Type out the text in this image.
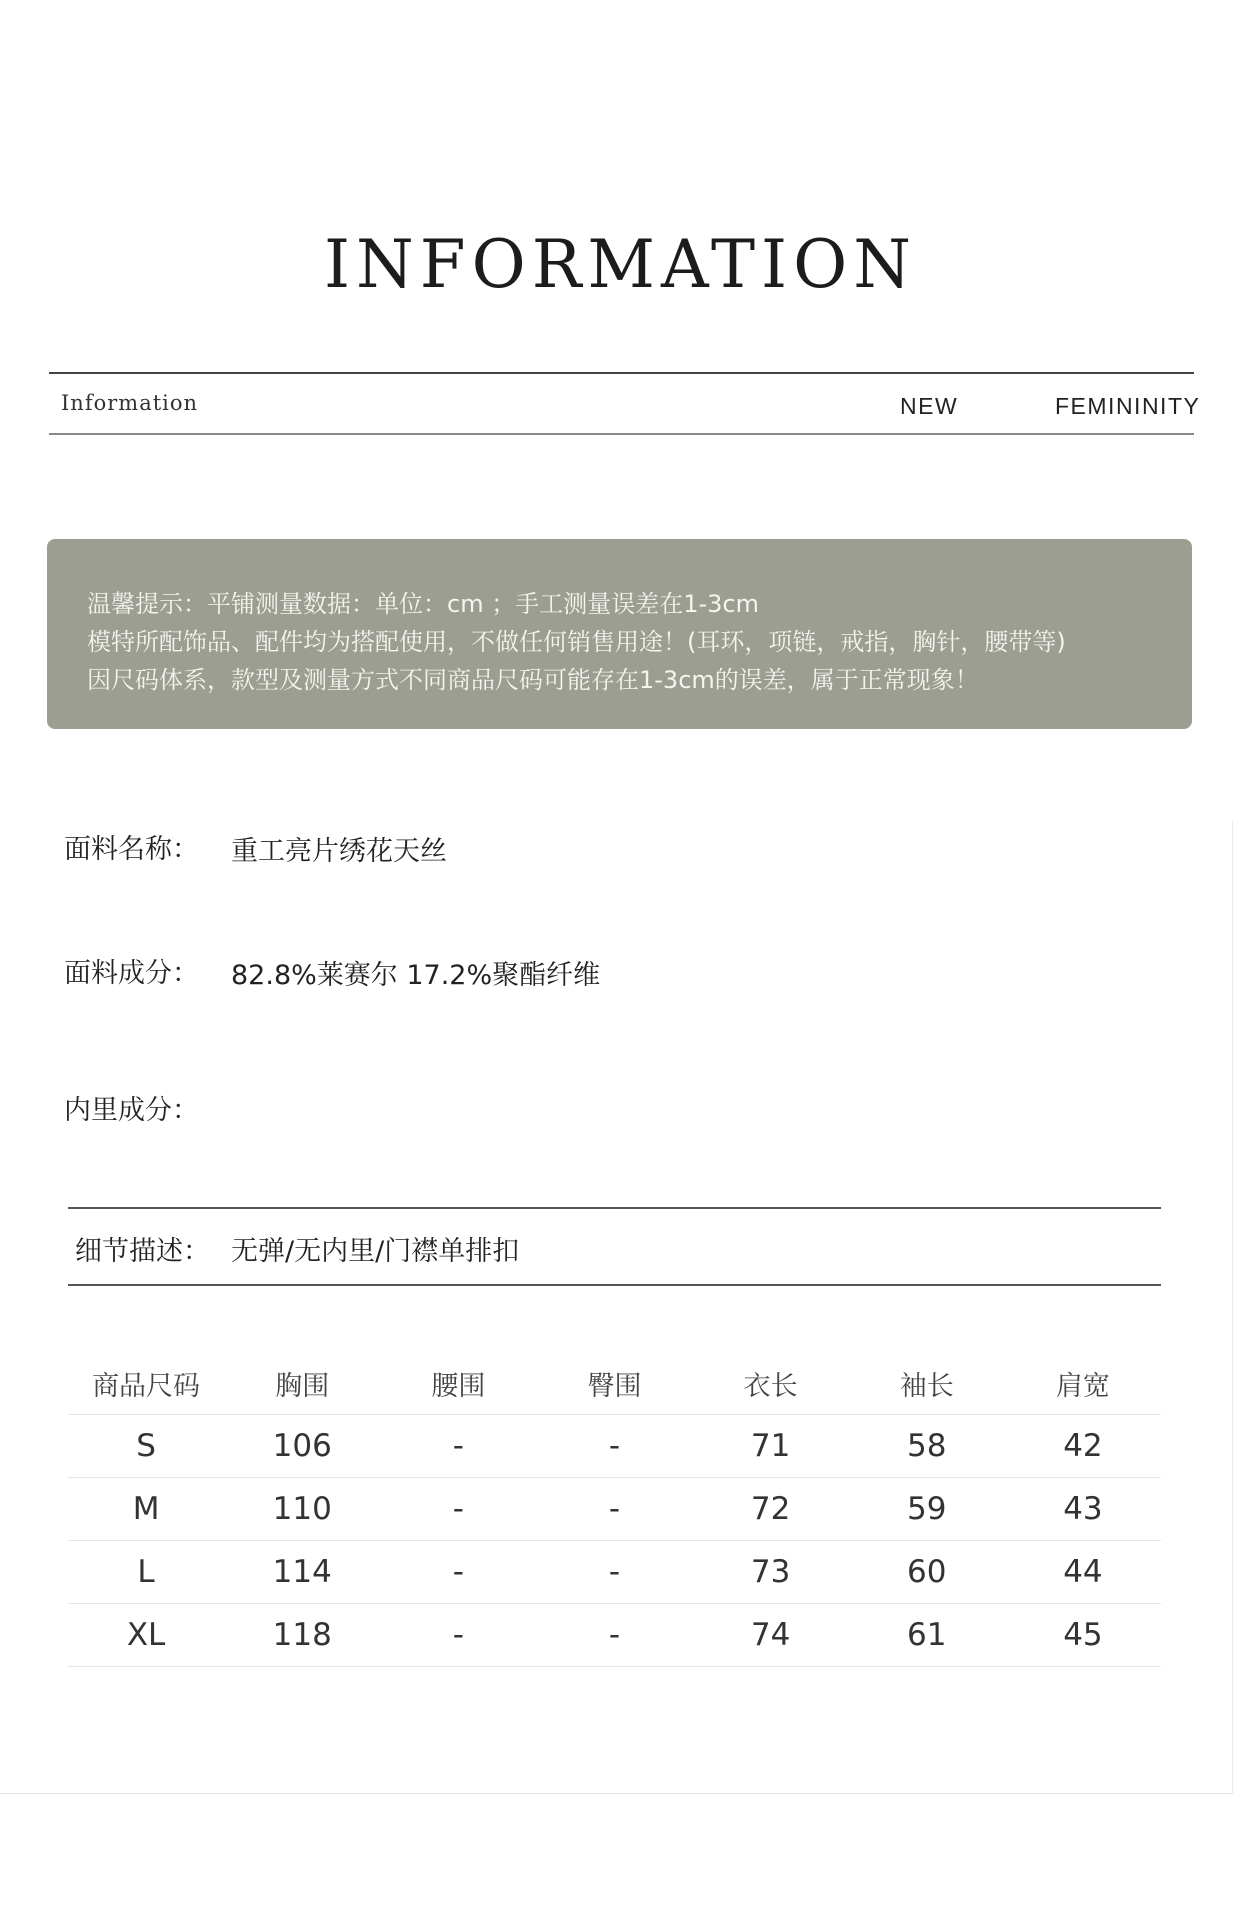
INFORMATION
Information	NEW	FEMININITY
温馨提示：平铺测量数据：单位：cm ；手工测量误差在1-3cm
模特所配饰品、配件均为搭配使用，不做任何销售用途！(耳环，项链，戒指，胸针，腰带等)
因尺码体系，款型及测量方式不同商品尺码可能存在1-3cm的误差，属于正常现象！
面料名称： 重工亮片绣花天丝
面料成分： 82.8%莱赛尔 17.2%聚酯纤维
内里成分：
细节描述： 无弹/无内里/门襟单排扣
商品尺码	胸围	腰围	臀围	衣长	袖长	肩宽
S	106	-	-	71	58	42
M	110	-	-	72	59	43
L	114	-	-	73	60	44
XL	118	-	-	74	61	45
